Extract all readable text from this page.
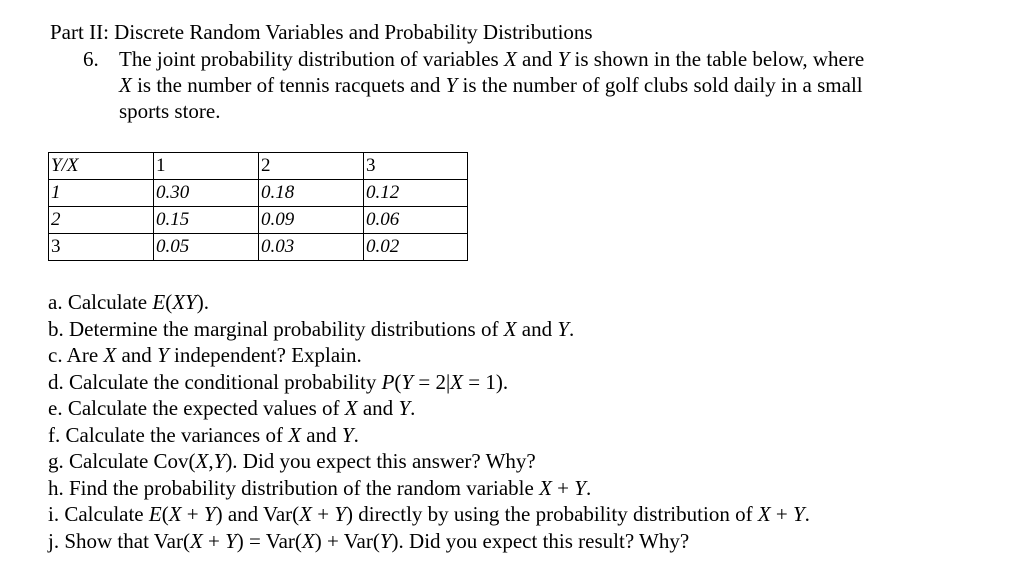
Part II: Discrete Random Variables and Probability Distributions
6. The joint probability distribution of variables X and Y is shown in the table below, where
X is the number of tennis racquets and Y is the number of golf clubs sold daily in a small
sports store.
Y/X	1	2	3
1	0.30	0.18	0.12
2	0.15	0.09	0.06
3	0.05	0.03	0.02
a. Calculate E(XY).
b. Determine the marginal probability distributions of X and Y.
c. Are X and Y independent? Explain.
d. Calculate the conditional probability P(Y = 2|X = 1).
e. Calculate the expected values of X and Y.
f. Calculate the variances of X and Y.
g. Calculate Cov(X,Y). Did you expect this answer? Why?
h. Find the probability distribution of the random variable X + Y.
i. Calculate E(X + Y) and Var(X + Y) directly by using the probability distribution of X + Y.
j. Show that Var(X + Y) = Var(X) + Var(Y). Did you expect this result? Why?
